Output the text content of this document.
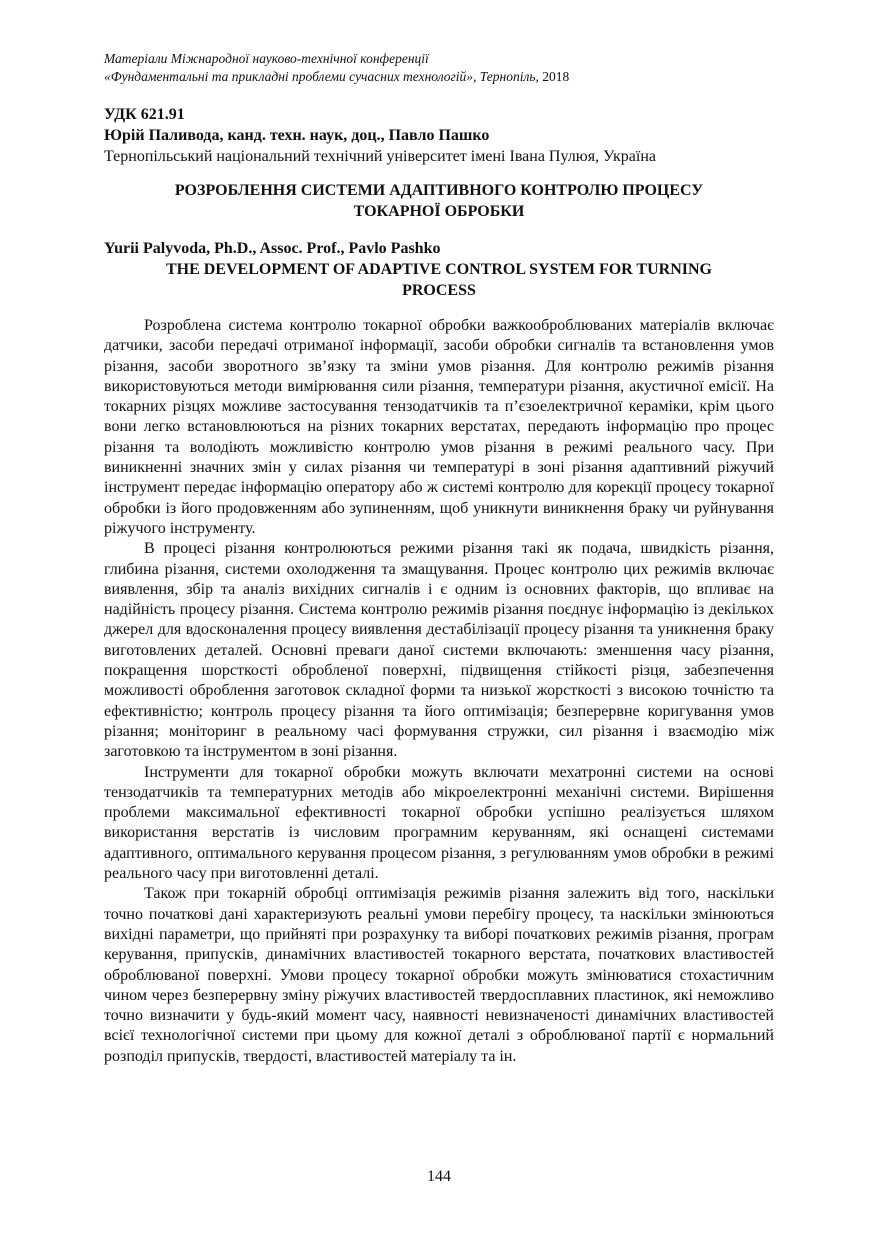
Матеріали Міжнародної науково-технічної конференції
«Фундаментальні та прикладні проблеми сучасних технологій», Тернопіль, 2018
УДК 621.91
Юрій Паливода, канд. техн. наук, доц., Павло Пашко
Тернопільський національний технічний університет імені Івана Пулюя, Україна
РОЗРОБЛЕННЯ СИСТЕМИ АДАПТИВНОГО КОНТРОЛЮ ПРОЦЕСУ
ТОКАРНОЇ ОБРОБКИ
Yurii Palyvoda, Ph.D., Assoc. Prof., Pavlo Pashko
THE DEVELOPMENT OF ADAPTIVE CONTROL SYSTEM FOR TURNING
PROCESS

Розроблена система контролю токарної обробки важкооброблюваних матеріалів включає датчики, засоби передачі отриманої інформації, засоби обробки сигналів та встановлення умов різання, засоби зворотного зв’язку та зміни умов різання. Для контролю режимів різання використовуються методи вимірювання сили різання, температури різання, акустичної емісії. На токарних різцях можливе застосування тензодатчиків та п’єзоелектричної кераміки, крім цього вони легко встановлюються на різних токарних верстатах, передають інформацію про процес різання та володіють можливістю контролю умов різання в режимі реального часу. При виникненні значних змін у силах різання чи температурі в зоні різання адаптивний ріжучий інструмент передає інформацію оператору або ж системі контролю для корекції процесу токарної обробки із його продовженням або зупиненням, щоб уникнути виникнення браку чи руйнування ріжучого інструменту.

В процесі різання контролюються режими різання такі як подача, швидкість різання, глибина різання, системи охолодження та змащування. Процес контролю цих режимів включає виявлення, збір та аналіз вихідних сигналів і є одним із основних факторів, що впливає на надійність процесу різання. Система контролю режимів різання поєднує інформацію із декількох джерел для вдосконалення процесу виявлення дестабілізації процесу різання та уникнення браку виготовлених деталей. Основні преваги даної системи включають: зменшення часу різання, покращення шорсткості обробленої поверхні, підвищення стійкості різця, забезпечення можливості оброблення заготовок складної форми та низької жорсткості з високою точністю та ефективністю; контроль процесу різання та його оптимізація; безперервне коригування умов різання; моніторинг в реальному часі формування стружки, сил різання і взаємодію між заготовкою та інструментом в зоні різання.

Інструменти для токарної обробки можуть включати мехатронні системи на основі тензодатчиків та температурних методів або мікроелектронні механічні системи. Вирішення проблеми максимальної ефективності токарної обробки успішно реалізується шляхом використання верстатів із числовим програмним керуванням, які оснащені системами адаптивного, оптимального керування процесом різання, з регулюванням умов обробки в режимі реального часу при виготовленні деталі.

Також при токарній обробці оптимізація режимів різання залежить від того, наскільки точно початкові дані характеризують реальні умови перебігу процесу, та наскільки змінюються вихідні параметри, що прийняті при розрахунку та виборі початкових режимів різання, програм керування, припусків, динамічних властивостей токарного верстата, початкових властивостей оброблюваної поверхні. Умови процесу токарної обробки можуть змінюватися стохастичним чином через безперервну зміну ріжучих властивостей твердосплавних пластинок, які неможливо точно визначити у будь-який момент часу, наявності невизначеності динамічних властивостей всієї технологічної системи при цьому для кожної деталі з оброблюваної партії є нормальний розподіл припусків, твердості, властивостей матеріалу та ін.

144
